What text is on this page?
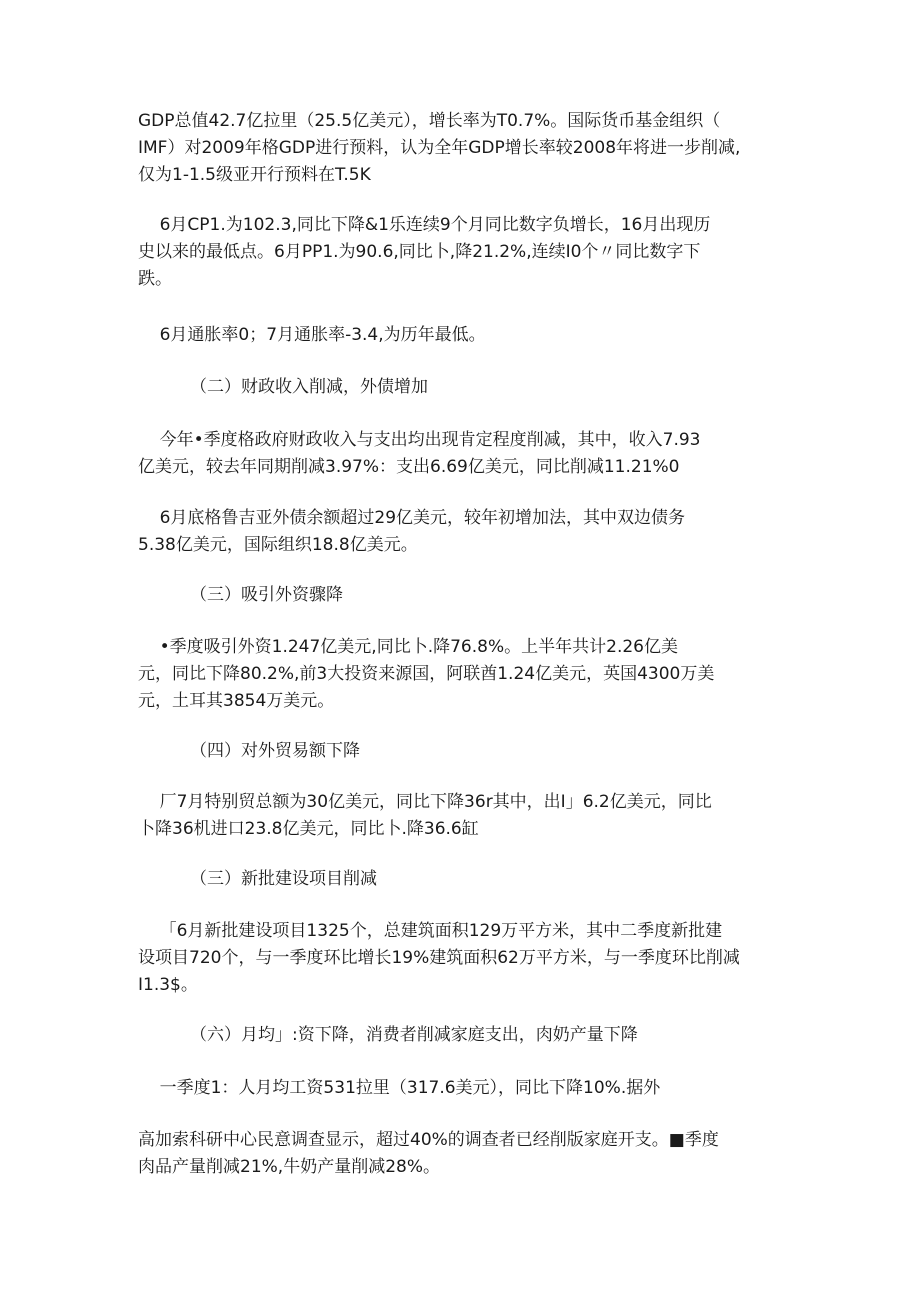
GDP总值42.7亿拉里（25.5亿美元），增长率为T0.7%。国际货币基金组织（
IMF）对2009年格GDP进行预料，认为全年GDP增长率较2008年将进一步削减,
仅为1-1.5级亚开行预料在T.5K

6月CP1.为102.3,同比下降&1乐连续9个月同比数字负增长，16月出现历
史以来的最低点。6月PP1.为90.6,同比卜,降21.2%,连续I0个〃同比数字下
跌。

6月通胀率0；7月通胀率-3.4,为历年最低。

（二）财政收入削减，外债增加

今年•季度格政府财政收入与支出均出现肯定程度削减，其中，收入7.93
亿美元，较去年同期削减3.97%：支出6.69亿美元，同比削减11.21%0

6月底格鲁吉亚外债余额超过29亿美元，较年初增加法，其中双边债务
5.38亿美元，国际组织18.8亿美元。

（三）吸引外资骤降

•季度吸引外资1.247亿美元,同比卜.降76.8%。上半年共计2.26亿美
元，同比下降80.2%,前3大投资来源国，阿联酋1.24亿美元，英国4300万美
元，土耳其3854万美元。

（四）对外贸易额下降

厂7月特别贸总额为30亿美元，同比下降36r其中，出I」6.2亿美元，同比
卜降36机进口23.8亿美元，同比卜.降36.6缸

（三）新批建设项目削减

「6月新批建设项目1325个，总建筑面积129万平方米，其中二季度新批建
设项目720个，与一季度环比增长19%建筑面积62万平方米，与一季度环比削减
I1.3$。

（六）月均」:资下降，消费者削减家庭支出，肉奶产量下降

一季度1：人月均工资531拉里（317.6美元），同比下降10%.据外

高加索科研中心民意调查显示，超过40%的调查者已经削版家庭开支。■季度
肉品产量削减21%,牛奶产量削减28%。
